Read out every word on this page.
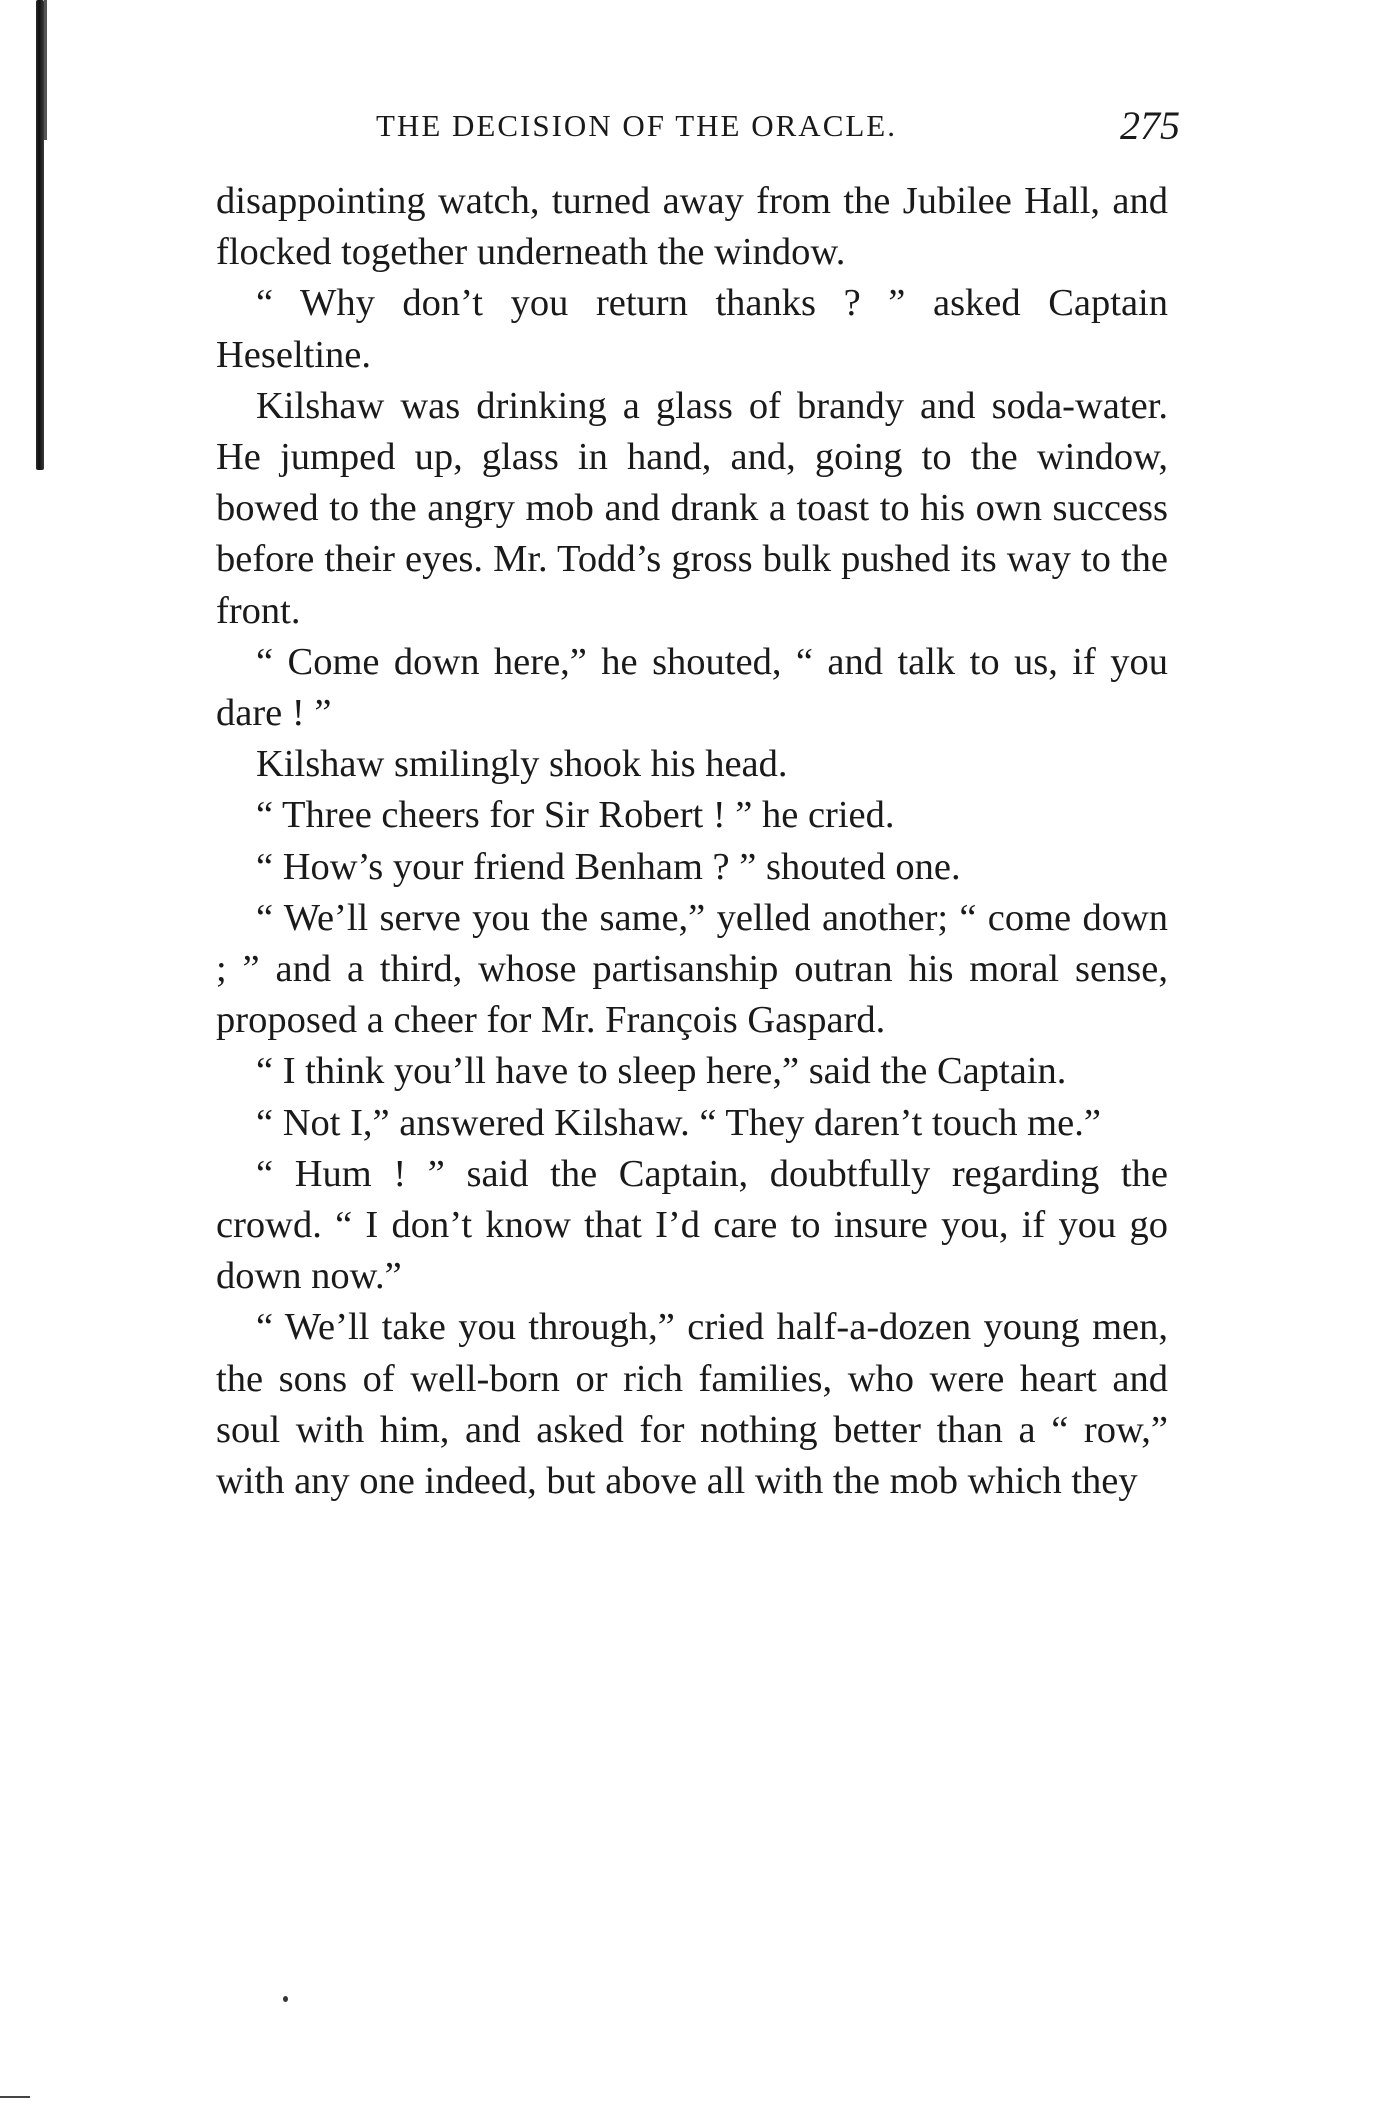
THE DECISION OF THE ORACLE.	275

disappointing watch, turned away from the Jubilee Hall, and flocked together underneath the window.

“ Why don’t you return thanks ? ” asked Captain Heseltine.

Kilshaw was drinking a glass of brandy and soda-water. He jumped up, glass in hand, and, going to the window, bowed to the angry mob and drank a toast to his own success before their eyes. Mr. Todd’s gross bulk pushed its way to the front.

“ Come down here,” he shouted, “ and talk to us, if you dare ! ”

Kilshaw smilingly shook his head.

“ Three cheers for Sir Robert ! ” he cried.

“ How’s your friend Benham ? ” shouted one.

“ We’ll serve you the same,” yelled another; “ come down ; ” and a third, whose partisanship outran his moral sense, proposed a cheer for Mr. François Gaspard.

“ I think you’ll have to sleep here,” said the Captain.

“ Not I,” answered Kilshaw. “ They daren’t touch me.”

“ Hum ! ” said the Captain, doubtfully regarding the crowd. “ I don’t know that I’d care to insure you, if you go down now.”

“ We’ll take you through,” cried half-a-dozen young men, the sons of well-born or rich families, who were heart and soul with him, and asked for nothing better than a “ row,” with any one indeed, but above all with the mob which they
